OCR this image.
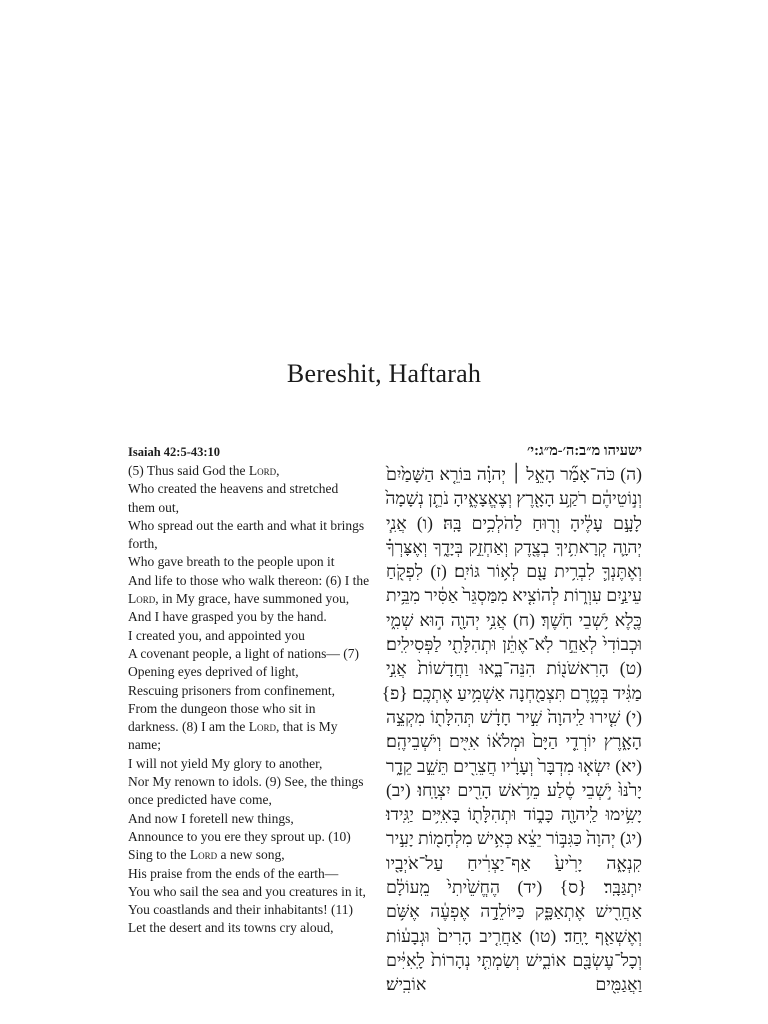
Bereshit, Haftarah
Isaiah 42:5-43:10
(5) Thus said God the Lord,
Who created the heavens and stretched
them out,
Who spread out the earth and what it brings
forth,
Who gave breath to the people upon it
And life to those who walk thereon: (6) I the
Lord, in My grace, have summoned you,
And I have grasped you by the hand.
I created you, and appointed you
A covenant people, a light of nations— (7)
Opening eyes deprived of light,
Rescuing prisoners from confinement,
From the dungeon those who sit in
darkness. (8) I am the Lord, that is My
name;
I will not yield My glory to another,
Nor My renown to idols. (9) See, the things
once predicted have come,
And now I foretell new things,
Announce to you ere they sprout up. (10)
Sing to the Lord a new song,
His praise from the ends of the earth—
You who sail the sea and you creatures in it,
You coastlands and their inhabitants! (11)
Let the desert and its towns cry aloud,
ישעיהו מ״ב:ה׳-מ״ג:י׳
(ה) כֹּה־אָמַ֞ר הָאֵ֣ל ׀ יְהוָ֗ה בּוֹרֵ֤א הַשָּׁמַ֙יִם֙
וְנ֣וֹטֵיהֶ֔ם רֹקַ֥ע הָאָ֖רֶץ וְצֶאֱצָאֶ֑יהָ נֹתֵ֤ן נְשָׁמָה֙
לָעָ֣ם עָלֶ֔יהָ וְר֖וּחַ לַהֹלְכִ֥ים בָּֽהּ׃ (ו) אֲנִ֧י
יְהוָ֛ה קְרָאתִ֥יךָֽ בְצֶ֖דֶק וְאַחְזֵ֣ק בְּיָדֶ֑ךָ וְאֶצָּרְךָ֗
וְאֶתֶּנְךָ֛ לִבְרִ֥ית עָ֖ם לְא֥וֹר גּוֹיִֽם׃ (ז) לִפְקֹ֖חַ
עֵינַ֣יִם עִוְר֑וֹת לְהוֹצִ֤יא מִמַּסְגֵּר֙ אַסִּ֔יר מִבֵּ֥ית
כֶּ֖לֶא יֹ֥שְׁבֵי חֹֽשֶׁךְ׃ (ח) אֲנִ֥י יְהוָ֖ה ה֣וּא שְׁמִ֑י
וּכְבוֹדִי֙ לְאַחֵ֣ר לֹֽא־אֶתֵּ֔ן וּתְהִלָּתִ֖י לַפְּסִילִֽים׃
(ט) הָרִאשֹׁנ֖וֹת הִנֵּה־בָ֑אוּ וַחֲדָשׁוֹת֙ אֲנִ֣י
מַגִּ֔יד בְּטֶ֥רֶם תִּצְמַ֖חְנָה אַשְׁמִ֥יעַ אֶתְכֶֽם׃ {פ}
(י) שִׁ֤ירוּ לַֽיהוָה֙ שִׁ֣יר חָדָ֔שׁ תְּהִלָּת֖וֹ מִקְצֵ֣ה
הָאָ֑רֶץ יוֹרְדֵ֤י הַיָּם֙ וּמְלֹא֔וֹ אִיִּ֖ים וְיֹשְׁבֵיהֶֽם׃
(יא) יִשְׂא֤וּ מִדְבָּר֙ וְעָרָ֔יו חֲצֵרִ֖ים תֵּשֵׁ֣ב קֵדָ֑ר
יָרֹ֙נּוּ֙ יֹ֣שְׁבֵי סֶ֔לַע מֵרֹ֥אשׁ הָרִ֖ים יִצְוָֽחוּ׃ (יב)
יָשִׂ֥ימוּ לַֽיהוָ֖ה כָּב֑וֹד וּתְהִלָּת֖וֹ בָּאִיִּ֥ים יַגִּֽידוּ׃
(יג) יְהוָה֙ כַּגִּבּ֣וֹר יֵצֵ֔א כְּאִ֥ישׁ מִלְחָמ֖וֹת יָעִ֣יר
קִנְאָ֑ה יָרִ֙יעַ֙ אַף־יַצְרִ֔יחַ עַל־אֹיְבָ֖יו
יִתְגַּבָּֽר׃ {ס} (יד) הֶחֱשֵׁ֙יתִי֙ מֵֽעוֹלָ֔ם
אַחֲרִ֖ישׁ אֶתְאַפָּ֑ק כַּיּוֹלֵדָ֣ה אֶפְעֶ֔ה אֶשֹּׁ֥ם
וְאֶשְׁאַ֖ף יָֽחַד׃ (טו) אַחֲרִ֤יב הָרִים֙ וּגְבָע֔וֹת
וְכָל־עֶשְׂבָּ֖ם אוֹבִ֑ישׁ וְשַׂמְתִּ֤י נְהָרוֹת֙ לָֽאִיִּ֔ים
וַאֲגַמִּ֖ים אוֹבִֽישׁ׃
